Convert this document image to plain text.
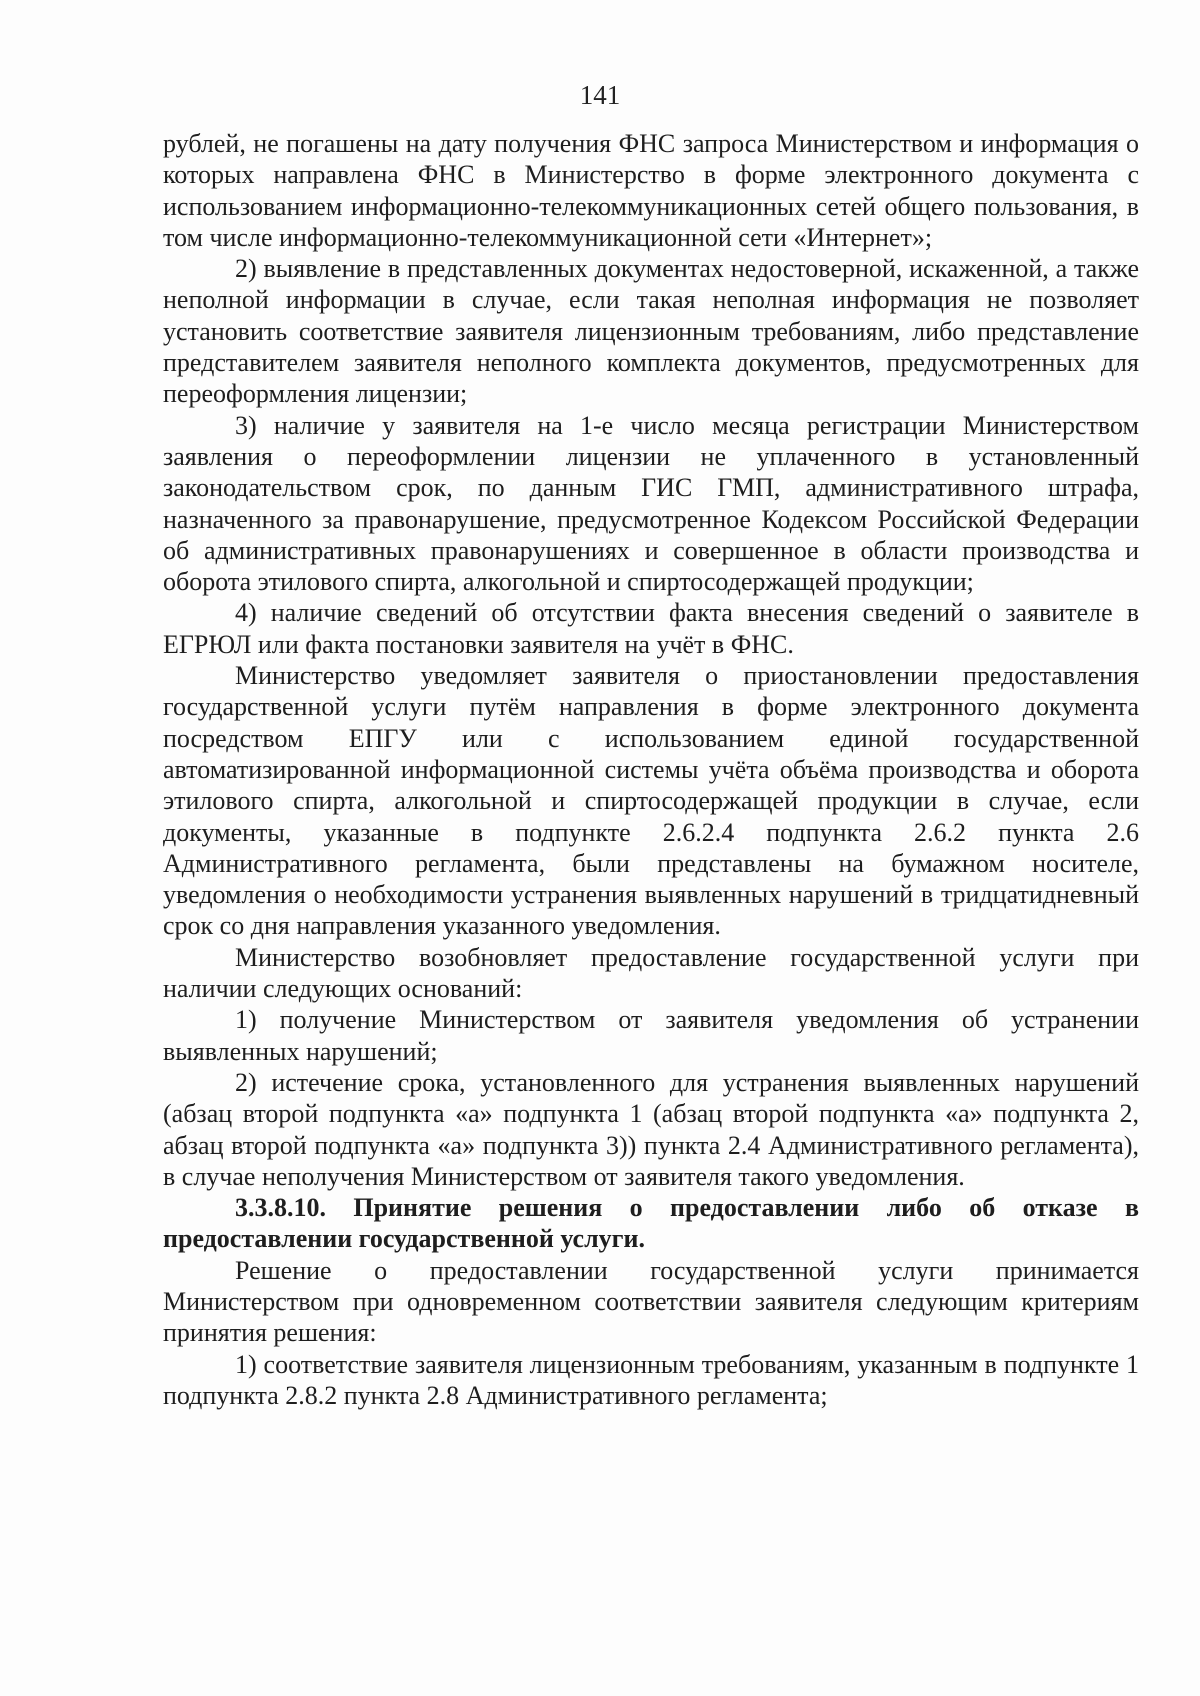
141

рублей, не погашены на дату получения ФНС запроса Министерством и информация о которых направлена ФНС в Министерство в форме электронного документа с использованием информационно-телекоммуникационных сетей общего пользования, в том числе информационно-телекоммуникационной сети «Интернет»;

2) выявление в представленных документах недостоверной, искаженной, а также неполной информации в случае, если такая неполная информация не позволяет установить соответствие заявителя лицензионным требованиям, либо представление представителем заявителя неполного комплекта документов, предусмотренных для переоформления лицензии;

3) наличие у заявителя на 1-е число месяца регистрации Министерством заявления о переоформлении лицензии не уплаченного в установленный законодательством срок, по данным ГИС ГМП, административного штрафа, назначенного за правонарушение, предусмотренное Кодексом Российской Федерации об административных правонарушениях и совершенное в области производства и оборота этилового спирта, алкогольной и спиртосодержащей продукции;

4) наличие сведений об отсутствии факта внесения сведений о заявителе в ЕГРЮЛ или факта постановки заявителя на учёт в ФНС.

Министерство уведомляет заявителя о приостановлении предоставления государственной услуги путём направления в форме электронного документа посредством ЕПГУ или с использованием единой государственной автоматизированной информационной системы учёта объёма производства и оборота этилового спирта, алкогольной и спиртосодержащей продукции в случае, если документы, указанные в подпункте 2.6.2.4 подпункта 2.6.2 пункта 2.6 Административного регламента, были представлены на бумажном носителе, уведомления о необходимости устранения выявленных нарушений в тридцатидневный срок со дня направления указанного уведомления.

Министерство возобновляет предоставление государственной услуги при наличии следующих оснований:

1) получение Министерством от заявителя уведомления об устранении выявленных нарушений;

2) истечение срока, установленного для устранения выявленных нарушений (абзац второй подпункта «а» подпункта 1 (абзац второй подпункта «а» подпункта 2, абзац второй подпункта «а» подпункта 3)) пункта 2.4 Административного регламента), в случае неполучения Министерством от заявителя такого уведомления.

3.3.8.10. Принятие решения о предоставлении либо об отказе в предоставлении государственной услуги.

Решение о предоставлении государственной услуги принимается Министерством при одновременном соответствии заявителя следующим критериям принятия решения:

1) соответствие заявителя лицензионным требованиям, указанным в подпункте 1 подпункта 2.8.2 пункта 2.8 Административного регламента;
